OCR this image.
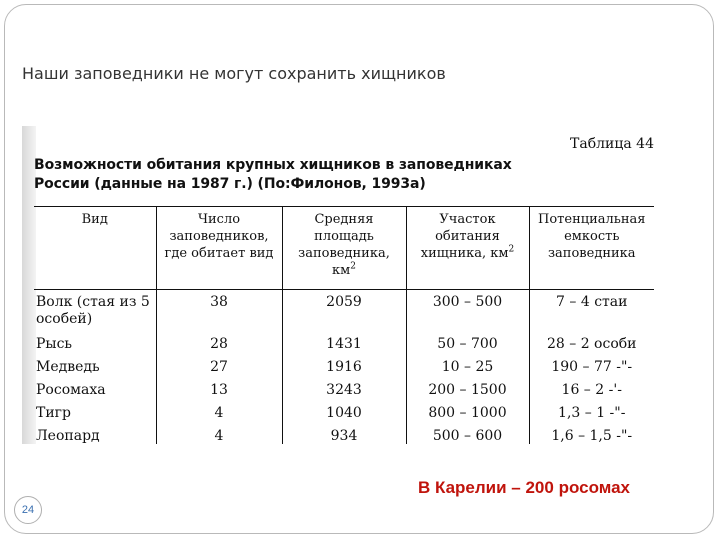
Наши заповедники не могут сохранить хищников

Таблица 44

Возможности обитания крупных хищников в заповедниках России (данные на 1987 г.) (По:Филонов, 1993а)

Вид	Число заповедников, где обитает вид	Средняя площадь заповедника, $км^2$	Участок обитания хищника, $км^2$	Потенциальная емкость заповедника
Волк (стая из 5 особей)	38	2059	300 – 500	7 – 4 стаи
Рысь	28	1431	50 – 700	28 – 2 особи
Медведь	27	1916	10 – 25	190 – 77 -"-
Росомаха	13	3243	200 – 1500	16 – 2 -'-
Тигр	4	1040	800 – 1000	1,3 – 1 -"-
Леопард	4	934	500 – 600	1,6 – 1,5 -"-

В Карелии – 200 росомах

24
